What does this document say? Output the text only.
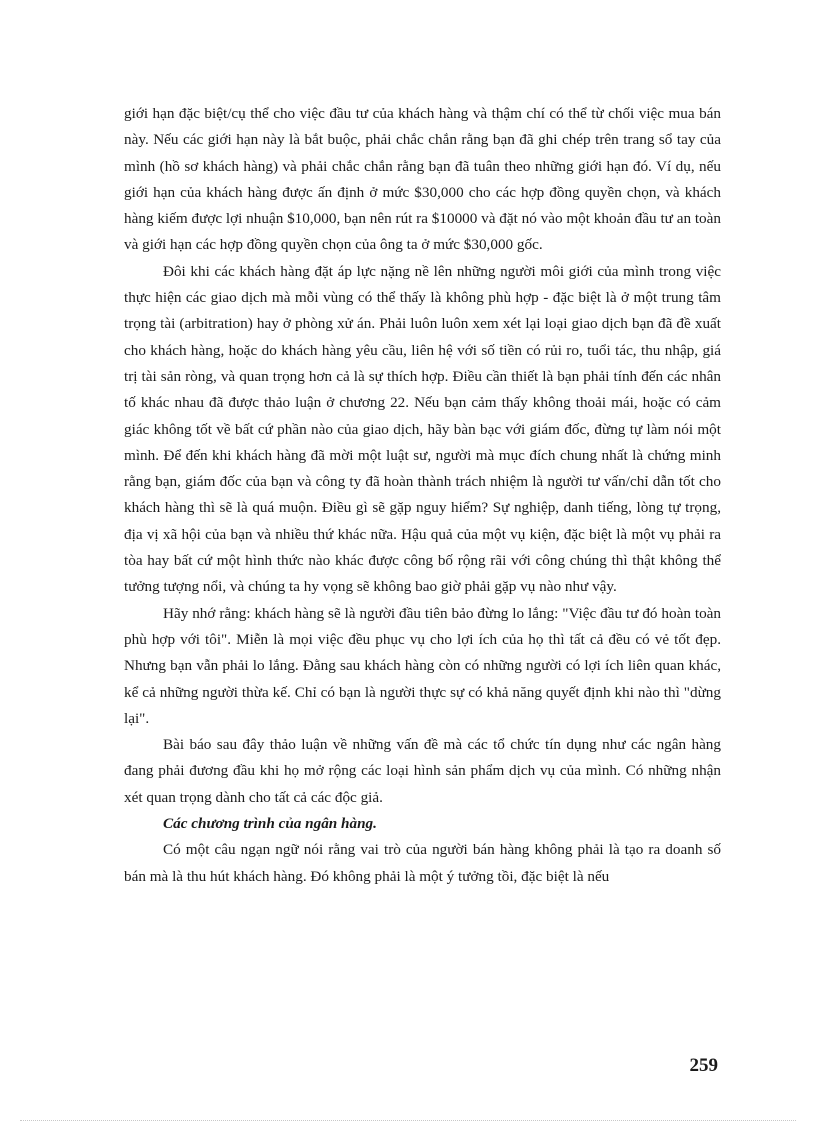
giới hạn đặc biệt/cụ thể cho việc đầu tư của khách hàng và thậm chí có thể từ chối việc mua bán này. Nếu các giới hạn này là bắt buộc, phải chắc chắn rằng bạn đã ghi chép trên trang sổ tay của mình (hồ sơ khách hàng) và phải chắc chắn rằng bạn đã tuân theo những giới hạn đó. Ví dụ, nếu giới hạn của khách hàng được ấn định ở mức $30,000 cho các hợp đồng quyền chọn, và khách hàng kiếm được lợi nhuận $10,000, bạn nên rút ra $10000 và đặt nó vào một khoản đầu tư an toàn và giới hạn các hợp đồng quyền chọn của ông ta ở mức $30,000 gốc.

Đôi khi các khách hàng đặt áp lực nặng nề lên những người môi giới của mình trong việc thực hiện các giao dịch mà mỗi vùng có thể thấy là không phù hợp - đặc biệt là ở một trung tâm trọng tài (arbitration) hay ở phòng xử án. Phải luôn luôn xem xét lại loại giao dịch bạn đã đề xuất cho khách hàng, hoặc do khách hàng yêu cầu, liên hệ với số tiền có rủi ro, tuổi tác, thu nhập, giá trị tài sản ròng, và quan trọng hơn cả là sự thích hợp. Điều cần thiết là bạn phải tính đến các nhân tố khác nhau đã được thảo luận ở chương 22. Nếu bạn cảm thấy không thoải mái, hoặc có cảm giác không tốt về bất cứ phần nào của giao dịch, hãy bàn bạc với giám đốc, đừng tự làm nói một mình. Để đến khi khách hàng đã mời một luật sư, người mà mục đích chung nhất là chứng minh rằng bạn, giám đốc của bạn và công ty đã hoàn thành trách nhiệm là người tư vấn/chỉ dẫn tốt cho khách hàng thì sẽ là quá muộn. Điều gì sẽ gặp nguy hiểm? Sự nghiệp, danh tiếng, lòng tự trọng, địa vị xã hội của bạn và nhiều thứ khác nữa. Hậu quả của một vụ kiện, đặc biệt là một vụ phải ra tòa hay bất cứ một hình thức nào khác được công bố rộng rãi với công chúng thì thật không thể tưởng tượng nổi, và chúng ta hy vọng sẽ không bao giờ phải gặp vụ nào như vậy.

Hãy nhớ rằng: khách hàng sẽ là người đầu tiên bảo đừng lo lắng: "Việc đầu tư đó hoàn toàn phù hợp với tôi". Miễn là mọi việc đều phục vụ cho lợi ích của họ thì tất cả đều có vẻ tốt đẹp. Nhưng bạn vẫn phải lo lắng. Đằng sau khách hàng còn có những người có lợi ích liên quan khác, kể cả những người thừa kế. Chỉ có bạn là người thực sự có khả năng quyết định khi nào thì "dừng lại".

Bài báo sau đây thảo luận về những vấn đề mà các tổ chức tín dụng như các ngân hàng đang phải đương đầu khi họ mở rộng các loại hình sản phẩm dịch vụ của mình. Có những nhận xét quan trọng dành cho tất cả các độc giả.

Các chương trình của ngân hàng.

Có một câu ngạn ngữ nói rằng vai trò của người bán hàng không phải là tạo ra doanh số bán mà là thu hút khách hàng. Đó không phải là một ý tưởng tồi, đặc biệt là nếu

259
